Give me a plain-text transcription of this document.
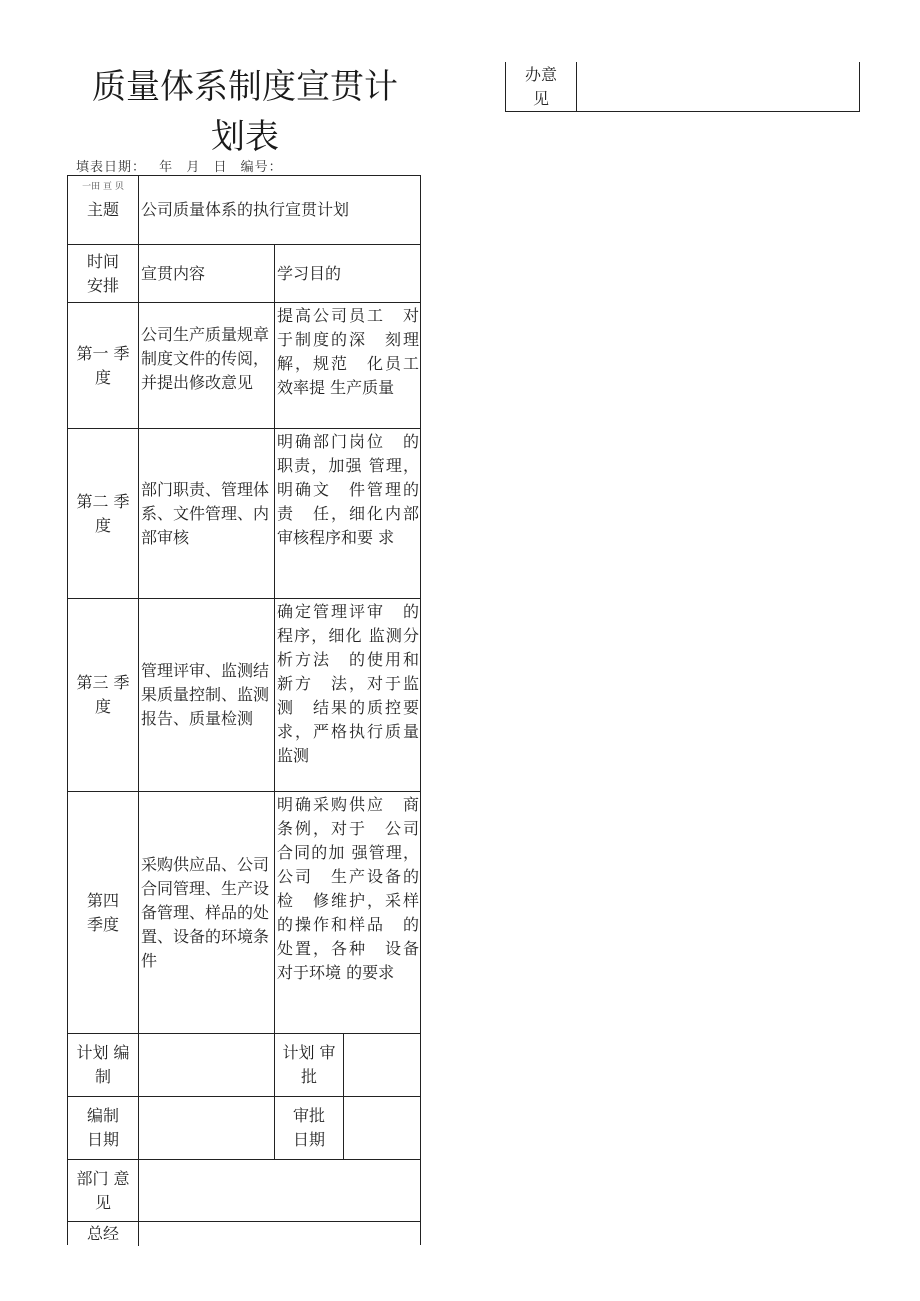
质量体系制度宣贯计
划表
填表日期： 年 月 日 编号：
一田 亘 贝
主题	公司质量体系的执行宣贯计划
时间安排
宣贯内容	学习目的
第一 季度
公司生产质量规章制度文件的传阅，并提出修改意见
提高公司员工　对于制度的深　刻理解，规范　化员工效率提 生产质量
第二 季度
部门职责、管理体系、文件管理、内部审核
明确部门岗位　的职责，加强 管理，明确文　件管理的责　任，细化内部审核程序和要 求
第三 季度
管理评审、监测结果质量控制、监测报告、质量检测
确定管理评审　的程序，细化 监测分析方法　的使用和新方　法，对于监测　结果的质控要　求，严格执行质量监测
第四季度
采购供应品、公司合同管理、生产设备管理、样品的处置、设备的环境条件
明确采购供应　商条例，对于　公司合同的加 强管理，公司　生产设备的检　修维护，采样的操作和样品　的处置，各种　设备对于环境 的要求
计划 编制
计划 审批
编制日期
审批日期
部门 意见
总经
办意见
